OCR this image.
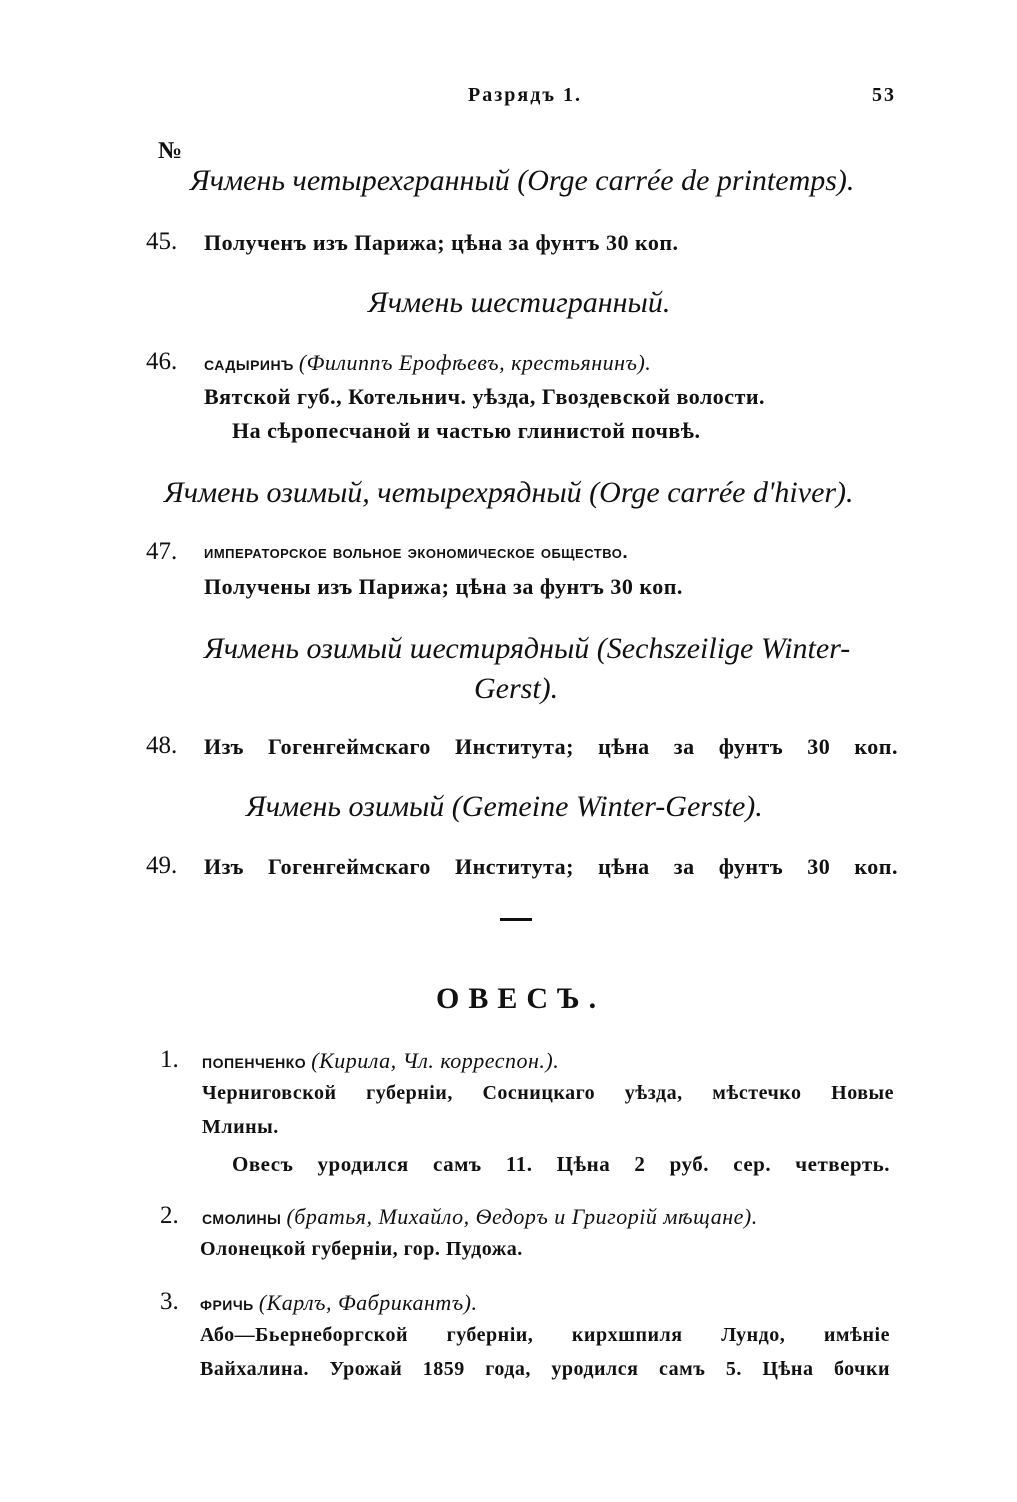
Разрядъ 1.	53
№
Ячмень четырехгранный (Orge carrée de printemps).
45. Полученъ изъ Парижа; цѣна за фунтъ 30 коп.
Ячмень шестигранный.
46. садыринъ (Филиппъ Ерофѣевъ, крестьянинъ).
Вятской губ., Котельнич. уѣзда, Гвоздевской волости.
На сѣропесчаной и частью глинистой почвѣ.
Ячмень озимый, четырехрядный (Orge carrée d'hiver).
47. императорское вольное экономическое общество.
Получены изъ Парижа; цѣна за фунтъ 30 коп.
Ячмень озимый шестирядный (Sechszeilige Winter-
Gerst).
48. Изъ Гогенгеймскаго Института; цѣна за фунтъ 30 коп.
Ячмень озимый (Gemeine Winter-Gerste).
49. Изъ Гогенгеймскаго Института; цѣна за фунтъ 30 коп.
ОВЕСЪ.
1. попенченко (Кирила, Чл. корреспон.).
Черниговской губерніи, Сосницкаго уѣзда, мѣстечко Новые
Млины.
Овесъ уродился самъ 11. Цѣна 2 руб. сер. четверть.
2. смолины (братья, Михайло, Ѳедоръ и Григорій мѣщане).
Олонецкой губерніи, гор. Пудожа.
3. фричь (Карлъ, Фабрикантъ).
Або—Бьернеборгской губерніи, кирхшпиля Лундо, имѣніе
Вайхалина. Урожай 1859 года, уродился самъ 5. Цѣна бочки
